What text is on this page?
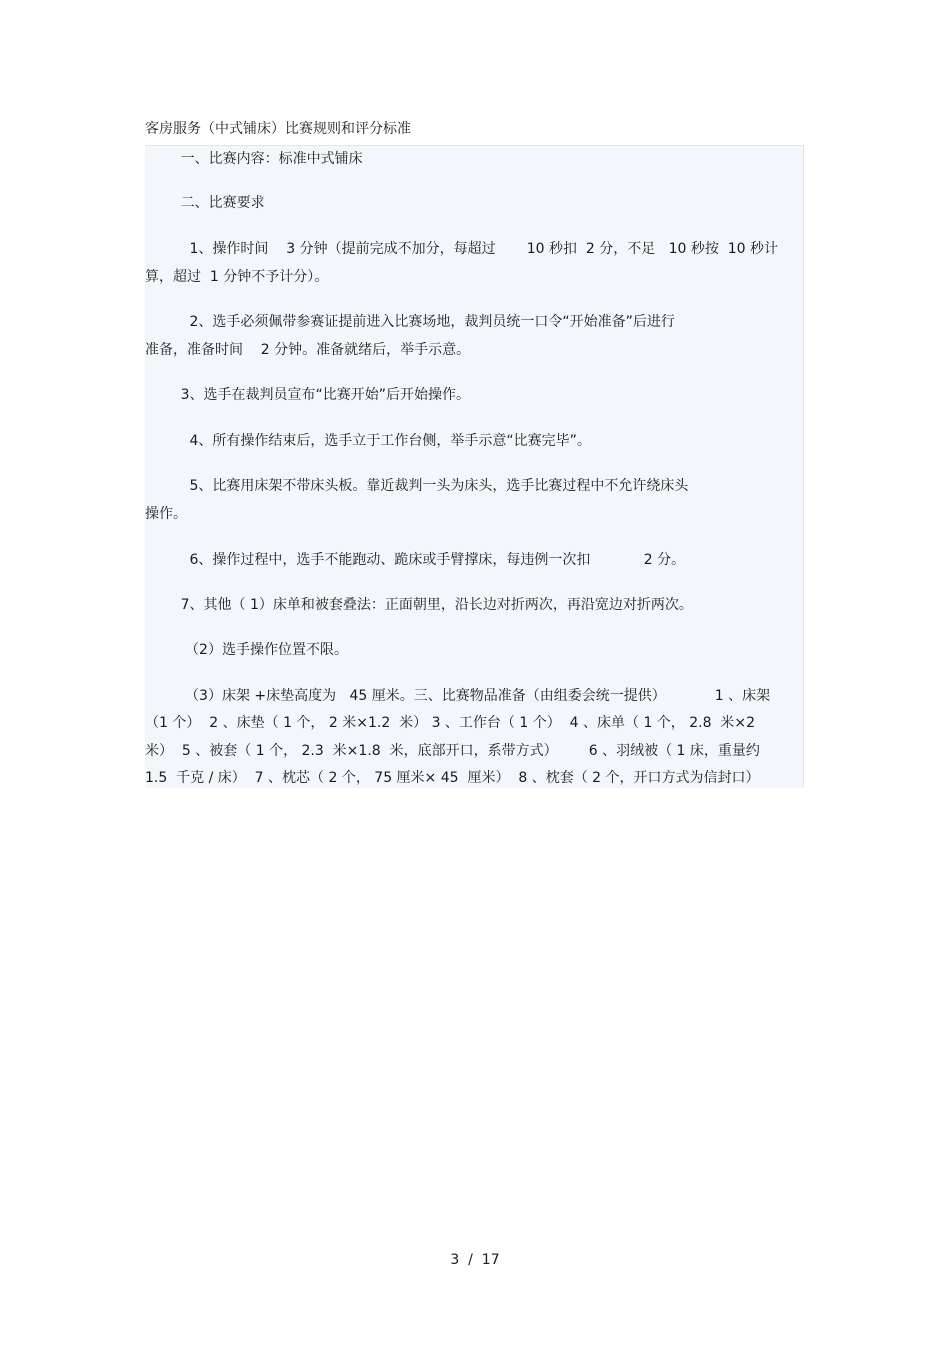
客房服务（中式铺床）比赛规则和评分标准
一、比赛内容：标准中式铺床
二、比赛要求
1、操作时间    3 分钟（提前完成不加分，每超过       10 秒扣  2 分，不足   10 秒按  10 秒计
算，超过  1 分钟不予计分）。
2、选手必须佩带参赛证提前进入比赛场地，裁判员统一口令“开始准备”后进行
准备，准备时间    2 分钟。准备就绪后，举手示意。
3、选手在裁判员宣布“比赛开始”后开始操作。
4、所有操作结束后，选手立于工作台侧，举手示意“比赛完毕”。
5、比赛用床架不带床头板。靠近裁判一头为床头，选手比赛过程中不允许绕床头
操作。
6、操作过程中，选手不能跑动、跪床或手臂撑床，每违例一次扣            2 分。
7、其他（ 1）床单和被套叠法：正面朝里，沿长边对折两次，再沿宽边对折两次。
（2）选手操作位置不限。
（3）床架 +床垫高度为   45 厘米。三、比赛物品准备（由组委会统一提供）           1 、床架
（1 个）  2 、床垫（ 1 个， 2 米×1.2  米） 3 、工作台（ 1 个）  4 、床单（ 1 个， 2.8  米×2
米）  5 、被套（ 1 个， 2.3  米×1.8  米，底部开口，系带方式）       6 、羽绒被（ 1 床，重量约
1.5  千克 / 床）  7 、枕芯（ 2 个， 75 厘米× 45  厘米）  8 、枕套（ 2 个，开口方式为信封口）
3  /  17
